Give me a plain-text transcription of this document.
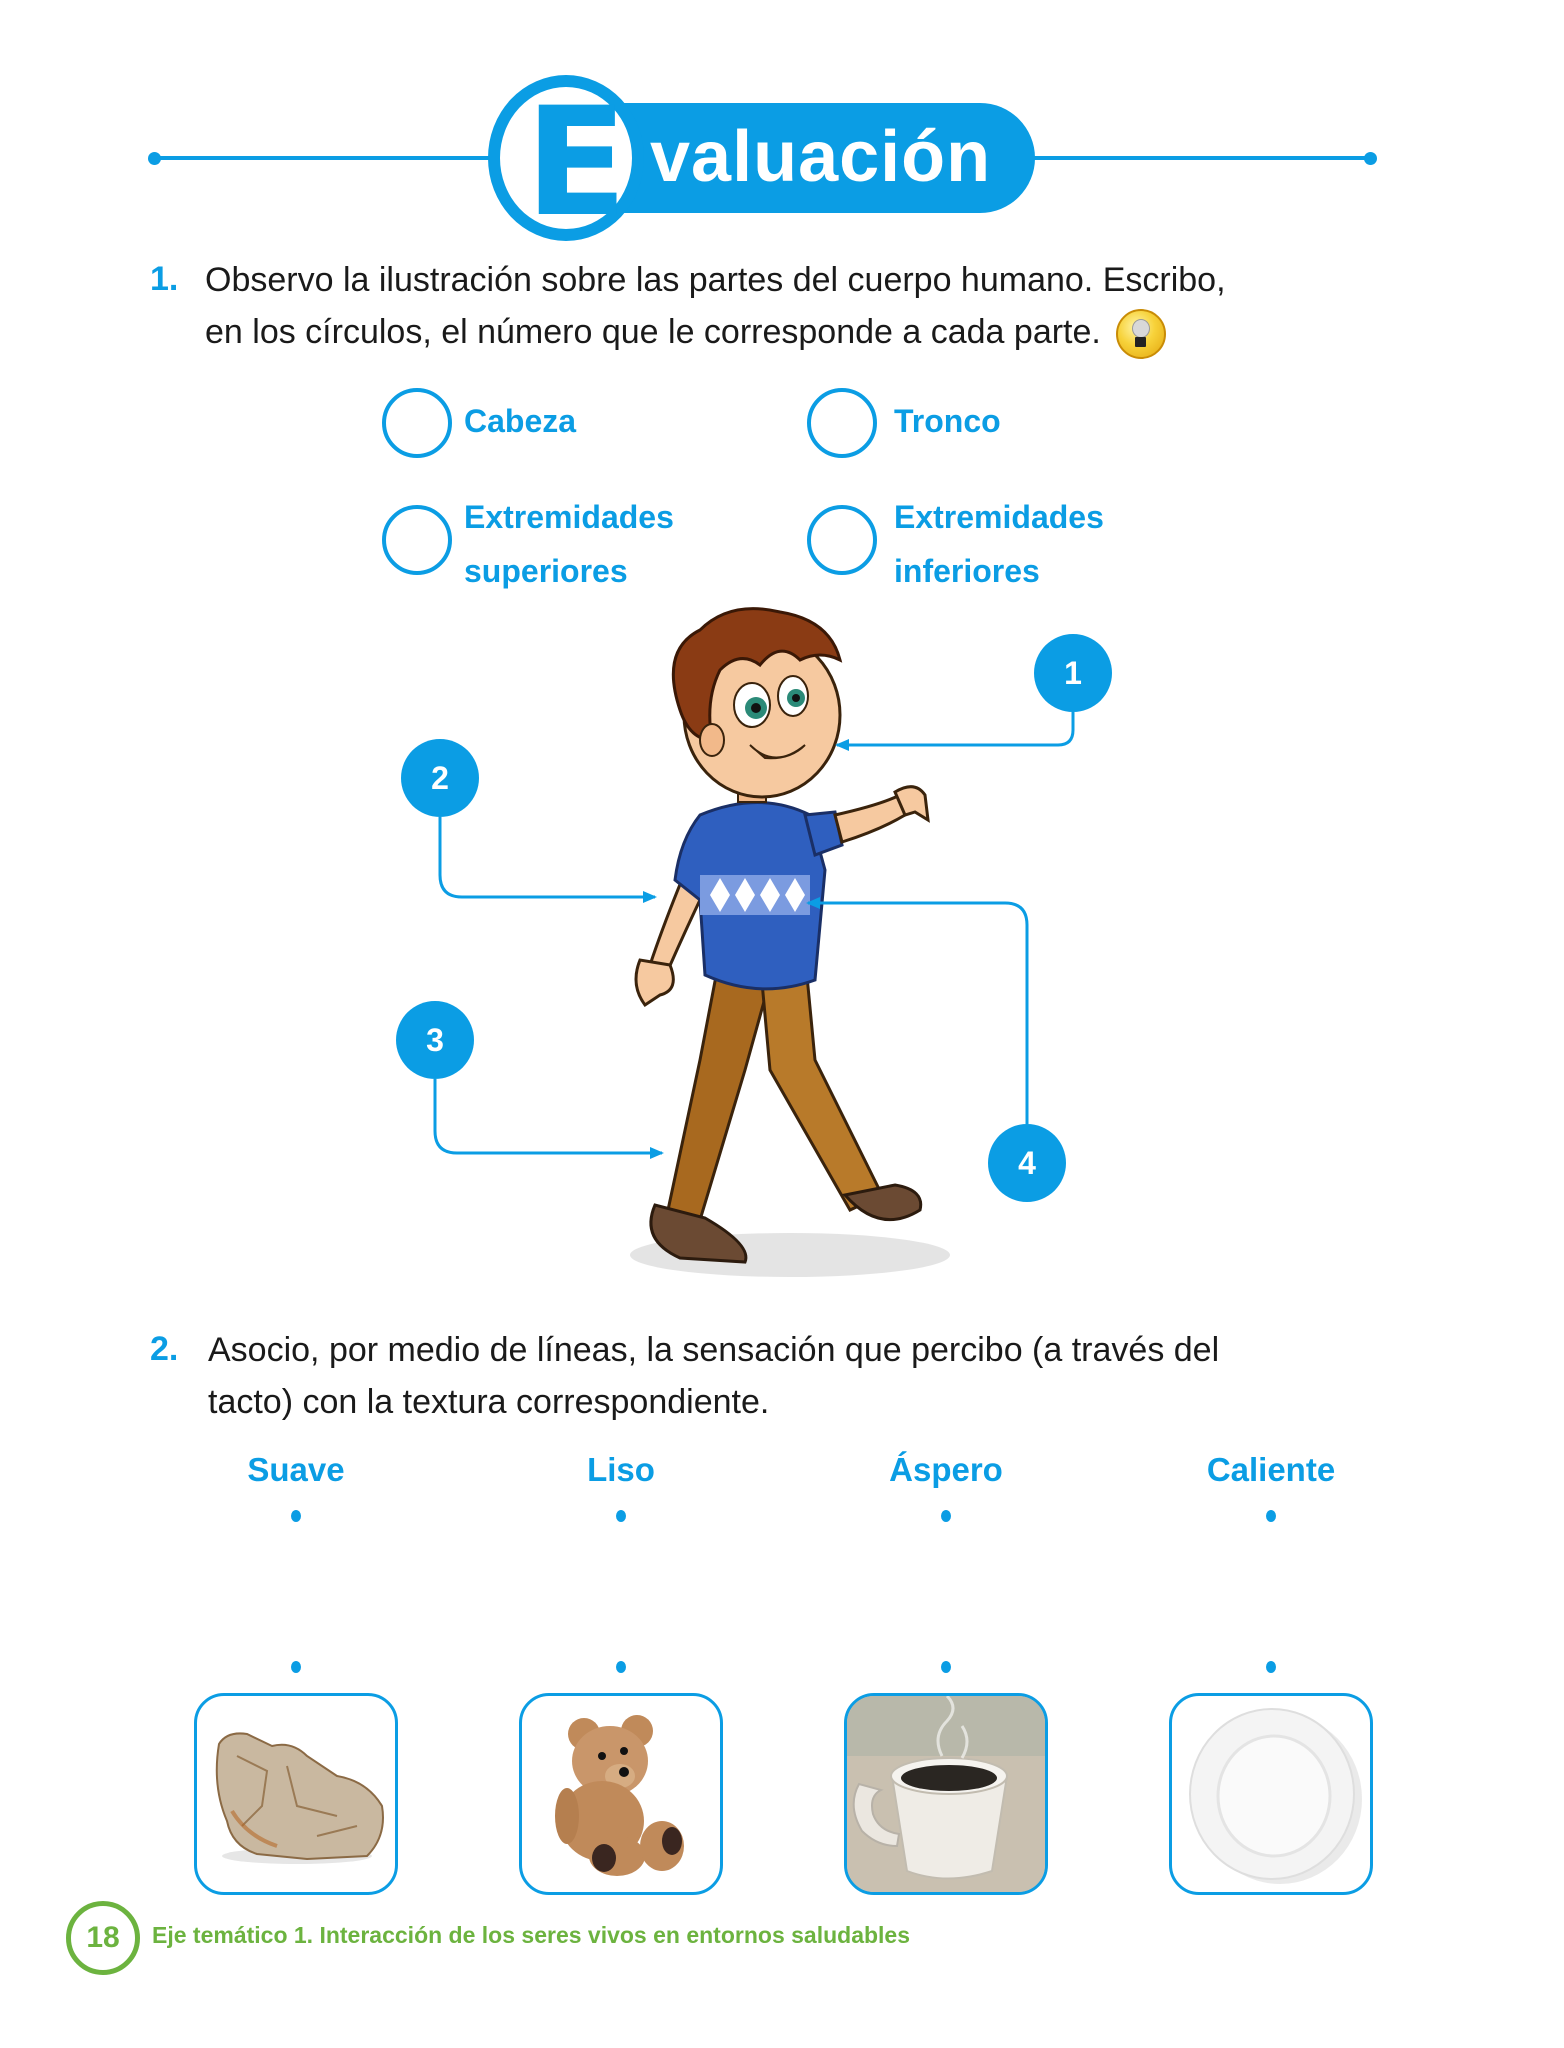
valuación
E
1. Observo la ilustración sobre las partes del cuerpo humano. Escribo,
en los círculos, el número que le corresponde a cada parte.
Cabeza	Tronco
Extremidades
superiores
Extremidades
inferiores
1
2
3
4
2. Asocio, por medio de líneas, la sensación que percibo (a través del
tacto) con la textura correspondiente.
Suave	Liso	Áspero	Caliente
18	Eje temático 1. Interacción de los seres vivos en entornos saludables
